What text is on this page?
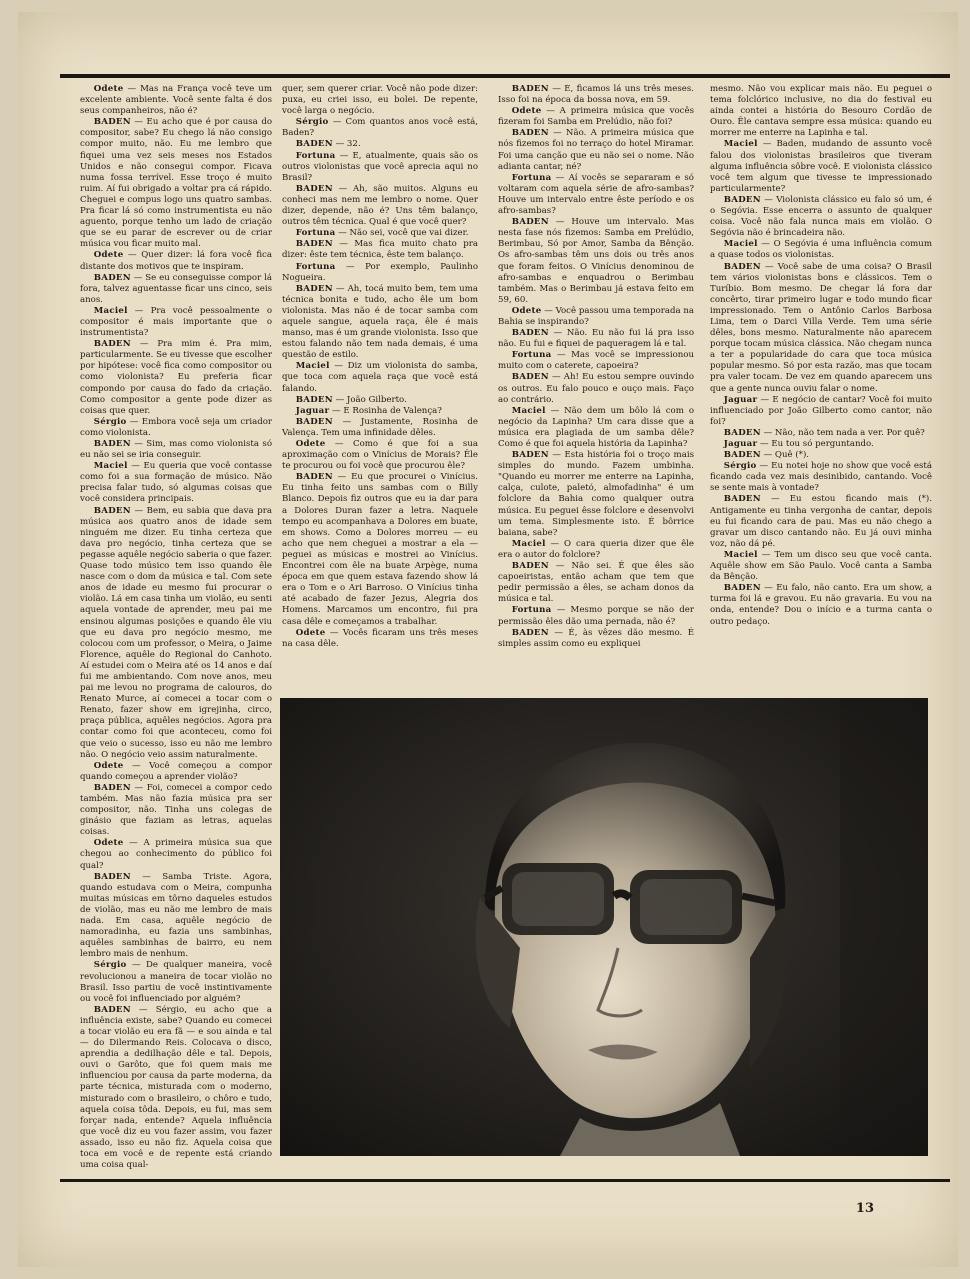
Odete — Mas na França você teve um excelente ambiente. Você sente falta é dos seus companheiros, não é?

BADEN — Eu acho que é por causa do compositor, sabe? Eu chego lá não consigo compor muito, não. Eu me lembro que fiquei uma vez seis meses nos Estados Unidos e não consegui compor. Ficava numa fossa terrível. Esse troço é muito ruim. Aí fui obrigado a voltar pra cá rápido. Cheguei e compus logo uns quatro sambas. Pra ficar lá só como instrumentista eu não aguento, porque tenho um lado de criação que se eu parar de escrever ou de criar música vou ficar muito mal.

Odete — Quer dizer: lá fora você fica distante dos motivos que te inspiram.

BADEN — Se eu conseguisse compor lá fora, talvez aguentasse ficar uns cinco, seis anos.

Maciel — Pra você pessoalmente o compositor é mais importante que o instrumentista?

BADEN — Pra mim é. Pra mim, particularmente. Se eu tivesse que escolher por hipótese: você fica como compositor ou como violonista? Eu preferia ficar compondo por causa do fado da criação. Como compositor a gente pode dizer as coisas que quer.

Sérgio — Embora você seja um criador como violonista.

BADEN — Sim, mas como violonista só eu não sei se iria conseguir.

Maciel — Eu queria que você contasse como foi a sua formação de músico. Não precisa falar tudo, só algumas coisas que você considera principais.

BADEN — Bem, eu sabia que dava pra música aos quatro anos de idade sem ninguém me dizer. Eu tinha certeza que dava pro negócio, tinha certeza que se pegasse aquêle negócio saberia o que fazer. Quase todo músico tem isso quando êle nasce com o dom da música e tal. Com sete anos de idade eu mesmo fui procurar o violão. Lá em casa tinha um violão, eu senti aquela vontade de aprender, meu pai me ensinou algumas posições e quando êle viu que eu dava pro negócio mesmo, me colocou com um professor, o Meira, o Jaime Florence, aquêle do Regional do Canhoto. Aí estudei com o Meira até os 14 anos e daí fui me ambientando. Com nove anos, meu pai me levou no programa de calouros, do Renato Murce, aí comecei a tocar com o Renato, fazer show em igrejinha, circo, praça pública, aquêles negócios. Agora pra contar como foi que aconteceu, como foi que veio o sucesso, isso eu não me lembro não. O negócio veio assim naturalmente.

Odete — Você começou a compor quando começou a aprender violão?

BADEN — Foi, comecei a compor cedo também. Mas não fazia música pra ser compositor, não. Tinha uns colegas de ginásio que faziam as letras, aquelas coisas.

Odete — A primeira música sua que chegou ao conhecimento do público foi qual?

BADEN — Samba Triste. Agora, quando estudava com o Meira, compunha muitas músicas em tôrno daqueles estudos de violão, mas eu não me lembro de mais nada. Em casa, aquêle negócio de namoradinha, eu fazia uns sambinhas, aquêles sambinhas de bairro, eu nem lembro mais de nenhum.

Sérgio — De qualquer maneira, você revolucionou a maneira de tocar violão no Brasil. Isso partiu de você instintivamente ou você foi influenciado por alguém?

BADEN — Sérgio, eu acho que a influência existe, sabe? Quando eu comecei a tocar violão eu era fã — e sou ainda e tal — do Dilermando Reis. Colocava o disco, aprendia a dedilhação dêle e tal. Depois, ouvi o Garôto, que foi quem mais me influenciou por causa da parte moderna, da parte técnica, misturada com o moderno, misturado com o brasileiro, o chôro e tudo, aquela coisa tôda. Depois, eu fui, mas sem forçar nada, entende? Aquela influência que você diz eu vou fazer assim, vou fazer assado, isso eu não fiz. Aquela coisa que toca em você e de repente está criando uma coisa qual-

quer, sem querer criar. Você não pode dizer: puxa, eu criei isso, eu bolei. De repente, você larga o negócio.

Sérgio — Com quantos anos você está, Baden?

BADEN — 32.

Fortuna — E, atualmente, quais são os outros violonistas que você aprecia aqui no Brasil?

BADEN — Ah, são muitos. Alguns eu conheci mas nem me lembro o nome. Quer dizer, depende, não é? Uns têm balanço, outros têm técnica. Qual é que você quer?

Fortuna — Não sei, você que vai dizer.

BADEN — Mas fica muito chato pra dizer: êste tem técnica, êste tem balanço.

Fortuna — Por exemplo, Paulinho Nogueira.

BADEN — Ah, tocá muito bem, tem uma técnica bonita e tudo, acho êle um bom violonista. Mas não é de tocar samba com aquele sangue, aquela raça, êle é mais manso, mas é um grande violonista. Isso que estou falando não tem nada demais, é uma questão de estilo.

Maciel — Diz um violonista do samba, que toca com aquela raça que você está falando.

BADEN — João Gilberto.

Jaguar — E Rosinha de Valença?

BADEN — Justamente, Rosinha de Valença. Tem uma infinidade dêles.

Odete — Como é que foi a sua aproximação com o Vinícius de Morais? Êle te procurou ou foi você que procurou êle?

BADEN — Eu que procurei o Vinícius. Eu tinha feito uns sambas com o Billy Blanco. Depois fiz outros que eu ia dar para a Dolores Duran fazer a letra. Naquele tempo eu acompanhava a Dolores em buate, em shows. Como a Dolores morreu — eu acho que nem cheguei a mostrar a ela — peguei as músicas e mostrei ao Vinícius. Encontrei com êle na buate Arpège, numa época em que quem estava fazendo show lá era o Tom e o Ari Barroso. O Vinícius tinha até acabado de fazer Jezus, Alegria dos Homens. Marcamos um encontro, fui pra casa dêle e começamos a trabalhar.

Odete — Vocês ficaram uns três meses na casa dêle.

BADEN — É, ficamos lá uns três meses. Isso foi na época da bossa nova, em 59.

Odete — A primeira música que vocês fizeram foi Samba em Prelúdio, não foi?

BADEN — Não. A primeira música que nós fizemos foi no terraço do hotel Miramar. Foi uma canção que eu não sei o nome. Não adianta cantar, né?

Fortuna — Aí vocês se separaram e só voltaram com aquela série de afro-sambas? Houve um intervalo entre êste período e os afro-sambas?

BADEN — Houve um intervalo. Mas nesta fase nós fizemos: Samba em Prelúdio, Berimbau, Só por Amor, Samba da Bênção. Os afro-sambas têm uns dois ou três anos que foram feitos. O Vinícius denominou de afro-sambas e enquadrou o Berimbau também. Mas o Berimbau já estava feito em 59, 60.

Odete — Você passou uma temporada na Bahia se inspirando?

BADEN — Não. Eu não fui lá pra isso não. Eu fui e fiquei de paqueragem lá e tal.

Fortuna — Mas você se impressionou muito com o caterete, capoeira?

BADEN — Ah! Eu estou sempre ouvindo os outros. Eu falo pouco e ouço mais. Faço ao contrário.

Maciel — Não dem um bôlo lá com o negócio da Lapinha? Um cara disse que a música era plagiada de um samba dêle? Como é que foi aquela história da Lapinha?

BADEN — Esta história foi o troço mais simples do mundo. Fazem umbinha. "Quando eu morrer me enterre na Lapinha, calça, culote, paletó, almofadinha" é um folclore da Bahia como qualquer outra música. Eu peguei êsse folclore e desenvolvi um tema. Simplesmente isto. É bôrrice baiana, sabe?

Maciel — O cara queria dizer que êle era o autor do folclore?

BADEN — Não sei. É que êles são capoeiristas, então acham que tem que pedir permissão a êles, se acham donos da música e tal.

Fortuna — Mesmo porque se não der permissão êles dão uma pernada, não é?

BADEN — É, às vêzes dão mesmo. É simples assim como eu expliquei

mesmo. Não vou explicar mais não. Eu peguei o tema folclórico inclusive, no dia do festival eu ainda contei a história do Besouro Cordão de Ouro. Êle cantava sempre essa música: quando eu morrer me enterre na Lapinha e tal.

Maciel — Baden, mudando de assunto você falou dos violonistas brasileiros que tiveram alguma influência sôbre você. E violonista clássico você tem algum que tivesse te impressionado particularmente?

BADEN — Violonista clássico eu falo só um, é o Segóvia. Esse encerra o assunto de qualquer coisa. Você não fala nunca mais em violão. O Segóvia não é brincadeira não.

Maciel — O Segóvia é uma influência comum a quase todos os violonistas.

BADEN — Você sabe de uma coisa? O Brasil tem vários violonistas bons e clássicos. Tem o Turíbio. Bom mesmo. De chegar lá fora dar concêrto, tirar primeiro lugar e todo mundo ficar impressionado. Tem o Antônio Carlos Barbosa Lima, tem o Darci Villa Verde. Tem uma série dêles, bons mesmo. Naturalmente não aparecem porque tocam música clássica. Não chegam nunca a ter a popularidade do cara que toca música popular mesmo. Só por esta razão, mas que tocam pra valer tocam. De vez em quando aparecem uns que a gente nunca ouviu falar o nome.

Jaguar — E negócio de cantar? Você foi muito influenciado por João Gilberto como cantor, não foi?

BADEN — Não, não tem nada a ver. Por quê?

Jaguar — Eu tou só perguntando.

BADEN — Quê (*).

Sérgio — Eu notei hoje no show que você está ficando cada vez mais desinibido, cantando. Você se sente mais à vontade?

BADEN — Eu estou ficando mais (*). Antigamente eu tinha vergonha de cantar, depois eu fui ficando cara de pau. Mas eu não chego a gravar um disco cantando não. Eu já ouvi minha voz, não dá pé.

Maciel — Tem um disco seu que você canta. Aquêle show em São Paulo. Você canta a Samba da Bênção.

BADEN — Eu falo, não canto. Era um show, a turma foi lá e gravou. Eu não gravaria. Eu vou na onda, entende? Dou o início e a turma canta o outro pedaço.

13
